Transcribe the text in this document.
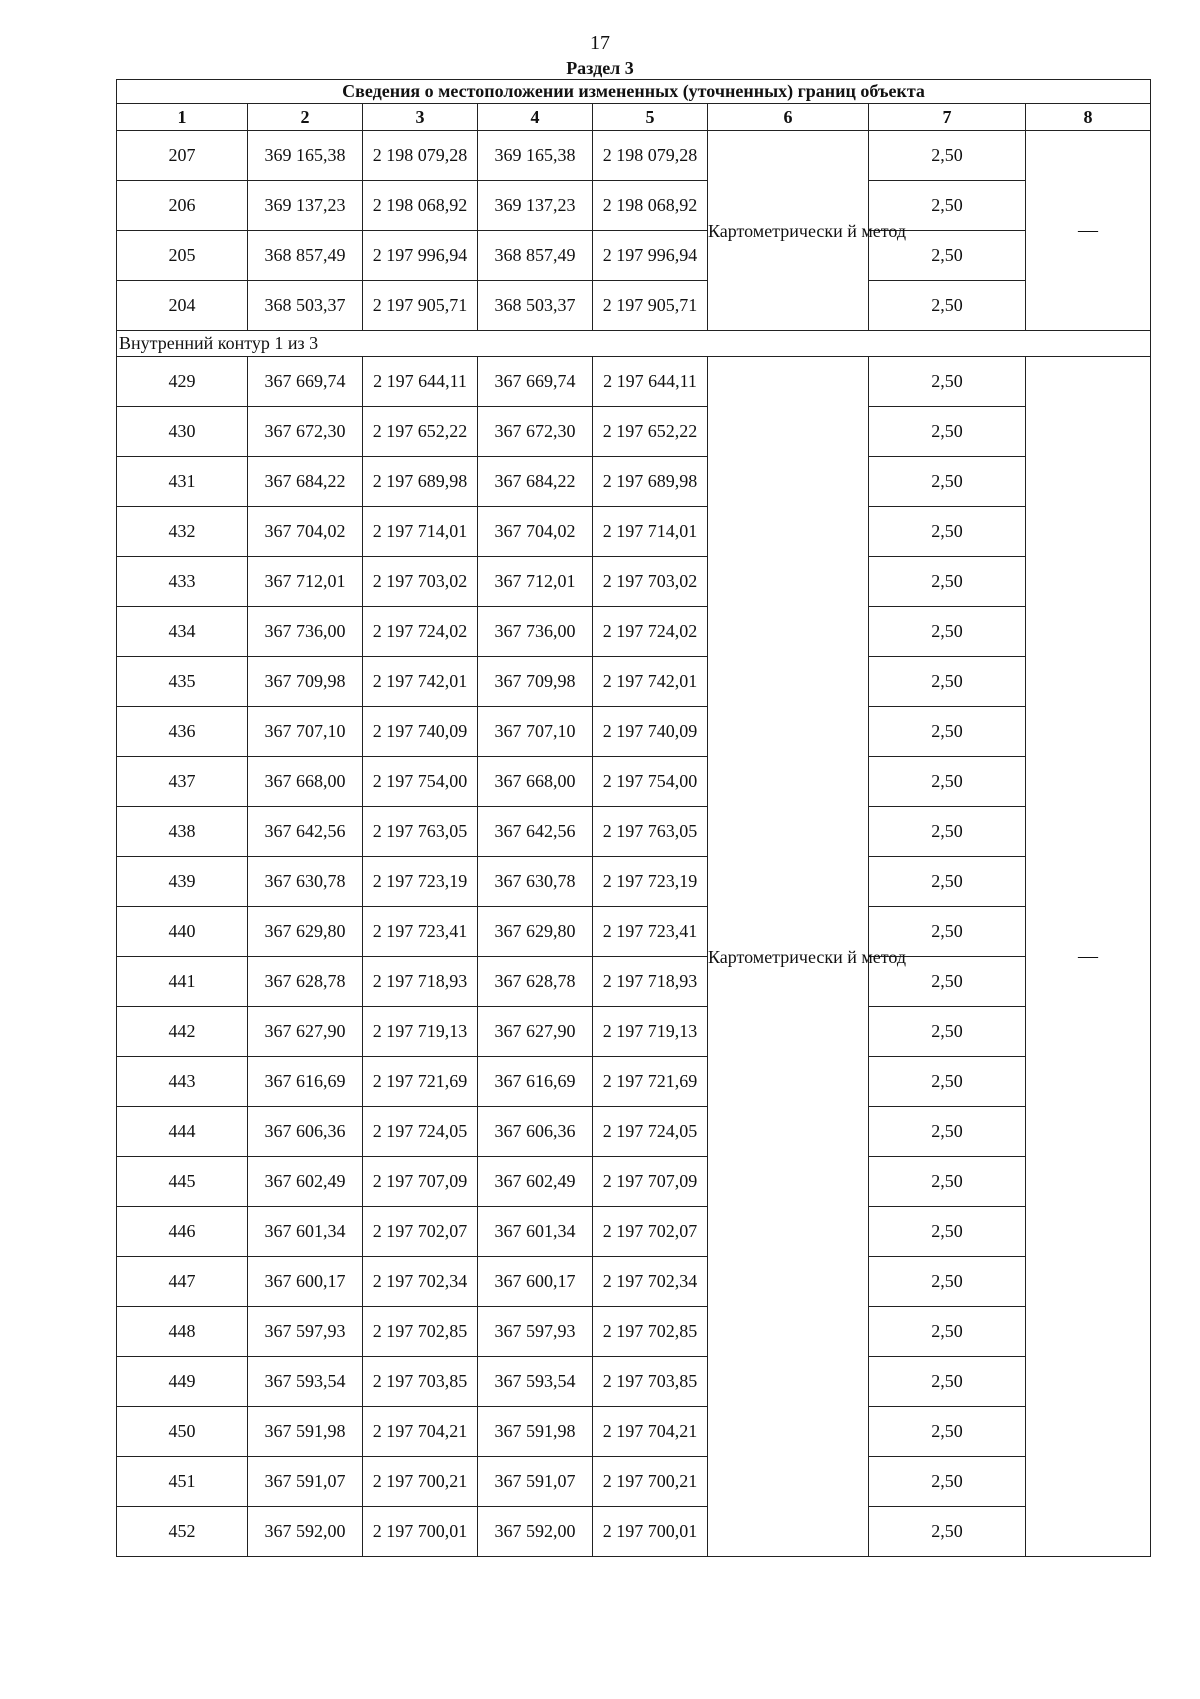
17
Раздел 3
Сведения о местоположении измененных (уточненных) границ объекта							
1	2	3	4	5	6	7	8
207	369 165,38	2 198 079,28	369 165,38	2 198 079,28	Картометрически й метод	2,50	—
206	369 137,23	2 198 068,92	369 137,23	2 198 068,92		2,50	
205	368 857,49	2 197 996,94	368 857,49	2 197 996,94		2,50	
204	368 503,37	2 197 905,71	368 503,37	2 197 905,71		2,50	
Внутренний контур 1 из 3							
429	367 669,74	2 197 644,11	367 669,74	2 197 644,11	Картометрически й метод	2,50	—
430	367 672,30	2 197 652,22	367 672,30	2 197 652,22		2,50	
431	367 684,22	2 197 689,98	367 684,22	2 197 689,98		2,50	
432	367 704,02	2 197 714,01	367 704,02	2 197 714,01		2,50	
433	367 712,01	2 197 703,02	367 712,01	2 197 703,02		2,50	
434	367 736,00	2 197 724,02	367 736,00	2 197 724,02		2,50	
435	367 709,98	2 197 742,01	367 709,98	2 197 742,01		2,50	
436	367 707,10	2 197 740,09	367 707,10	2 197 740,09		2,50	
437	367 668,00	2 197 754,00	367 668,00	2 197 754,00		2,50	
438	367 642,56	2 197 763,05	367 642,56	2 197 763,05		2,50	
439	367 630,78	2 197 723,19	367 630,78	2 197 723,19		2,50	
440	367 629,80	2 197 723,41	367 629,80	2 197 723,41		2,50	
441	367 628,78	2 197 718,93	367 628,78	2 197 718,93		2,50	
442	367 627,90	2 197 719,13	367 627,90	2 197 719,13		2,50	
443	367 616,69	2 197 721,69	367 616,69	2 197 721,69		2,50	
444	367 606,36	2 197 724,05	367 606,36	2 197 724,05		2,50	
445	367 602,49	2 197 707,09	367 602,49	2 197 707,09		2,50	
446	367 601,34	2 197 702,07	367 601,34	2 197 702,07		2,50	
447	367 600,17	2 197 702,34	367 600,17	2 197 702,34		2,50	
448	367 597,93	2 197 702,85	367 597,93	2 197 702,85		2,50	
449	367 593,54	2 197 703,85	367 593,54	2 197 703,85		2,50	
450	367 591,98	2 197 704,21	367 591,98	2 197 704,21		2,50	
451	367 591,07	2 197 700,21	367 591,07	2 197 700,21		2,50	
452	367 592,00	2 197 700,01	367 592,00	2 197 700,01		2,50	
